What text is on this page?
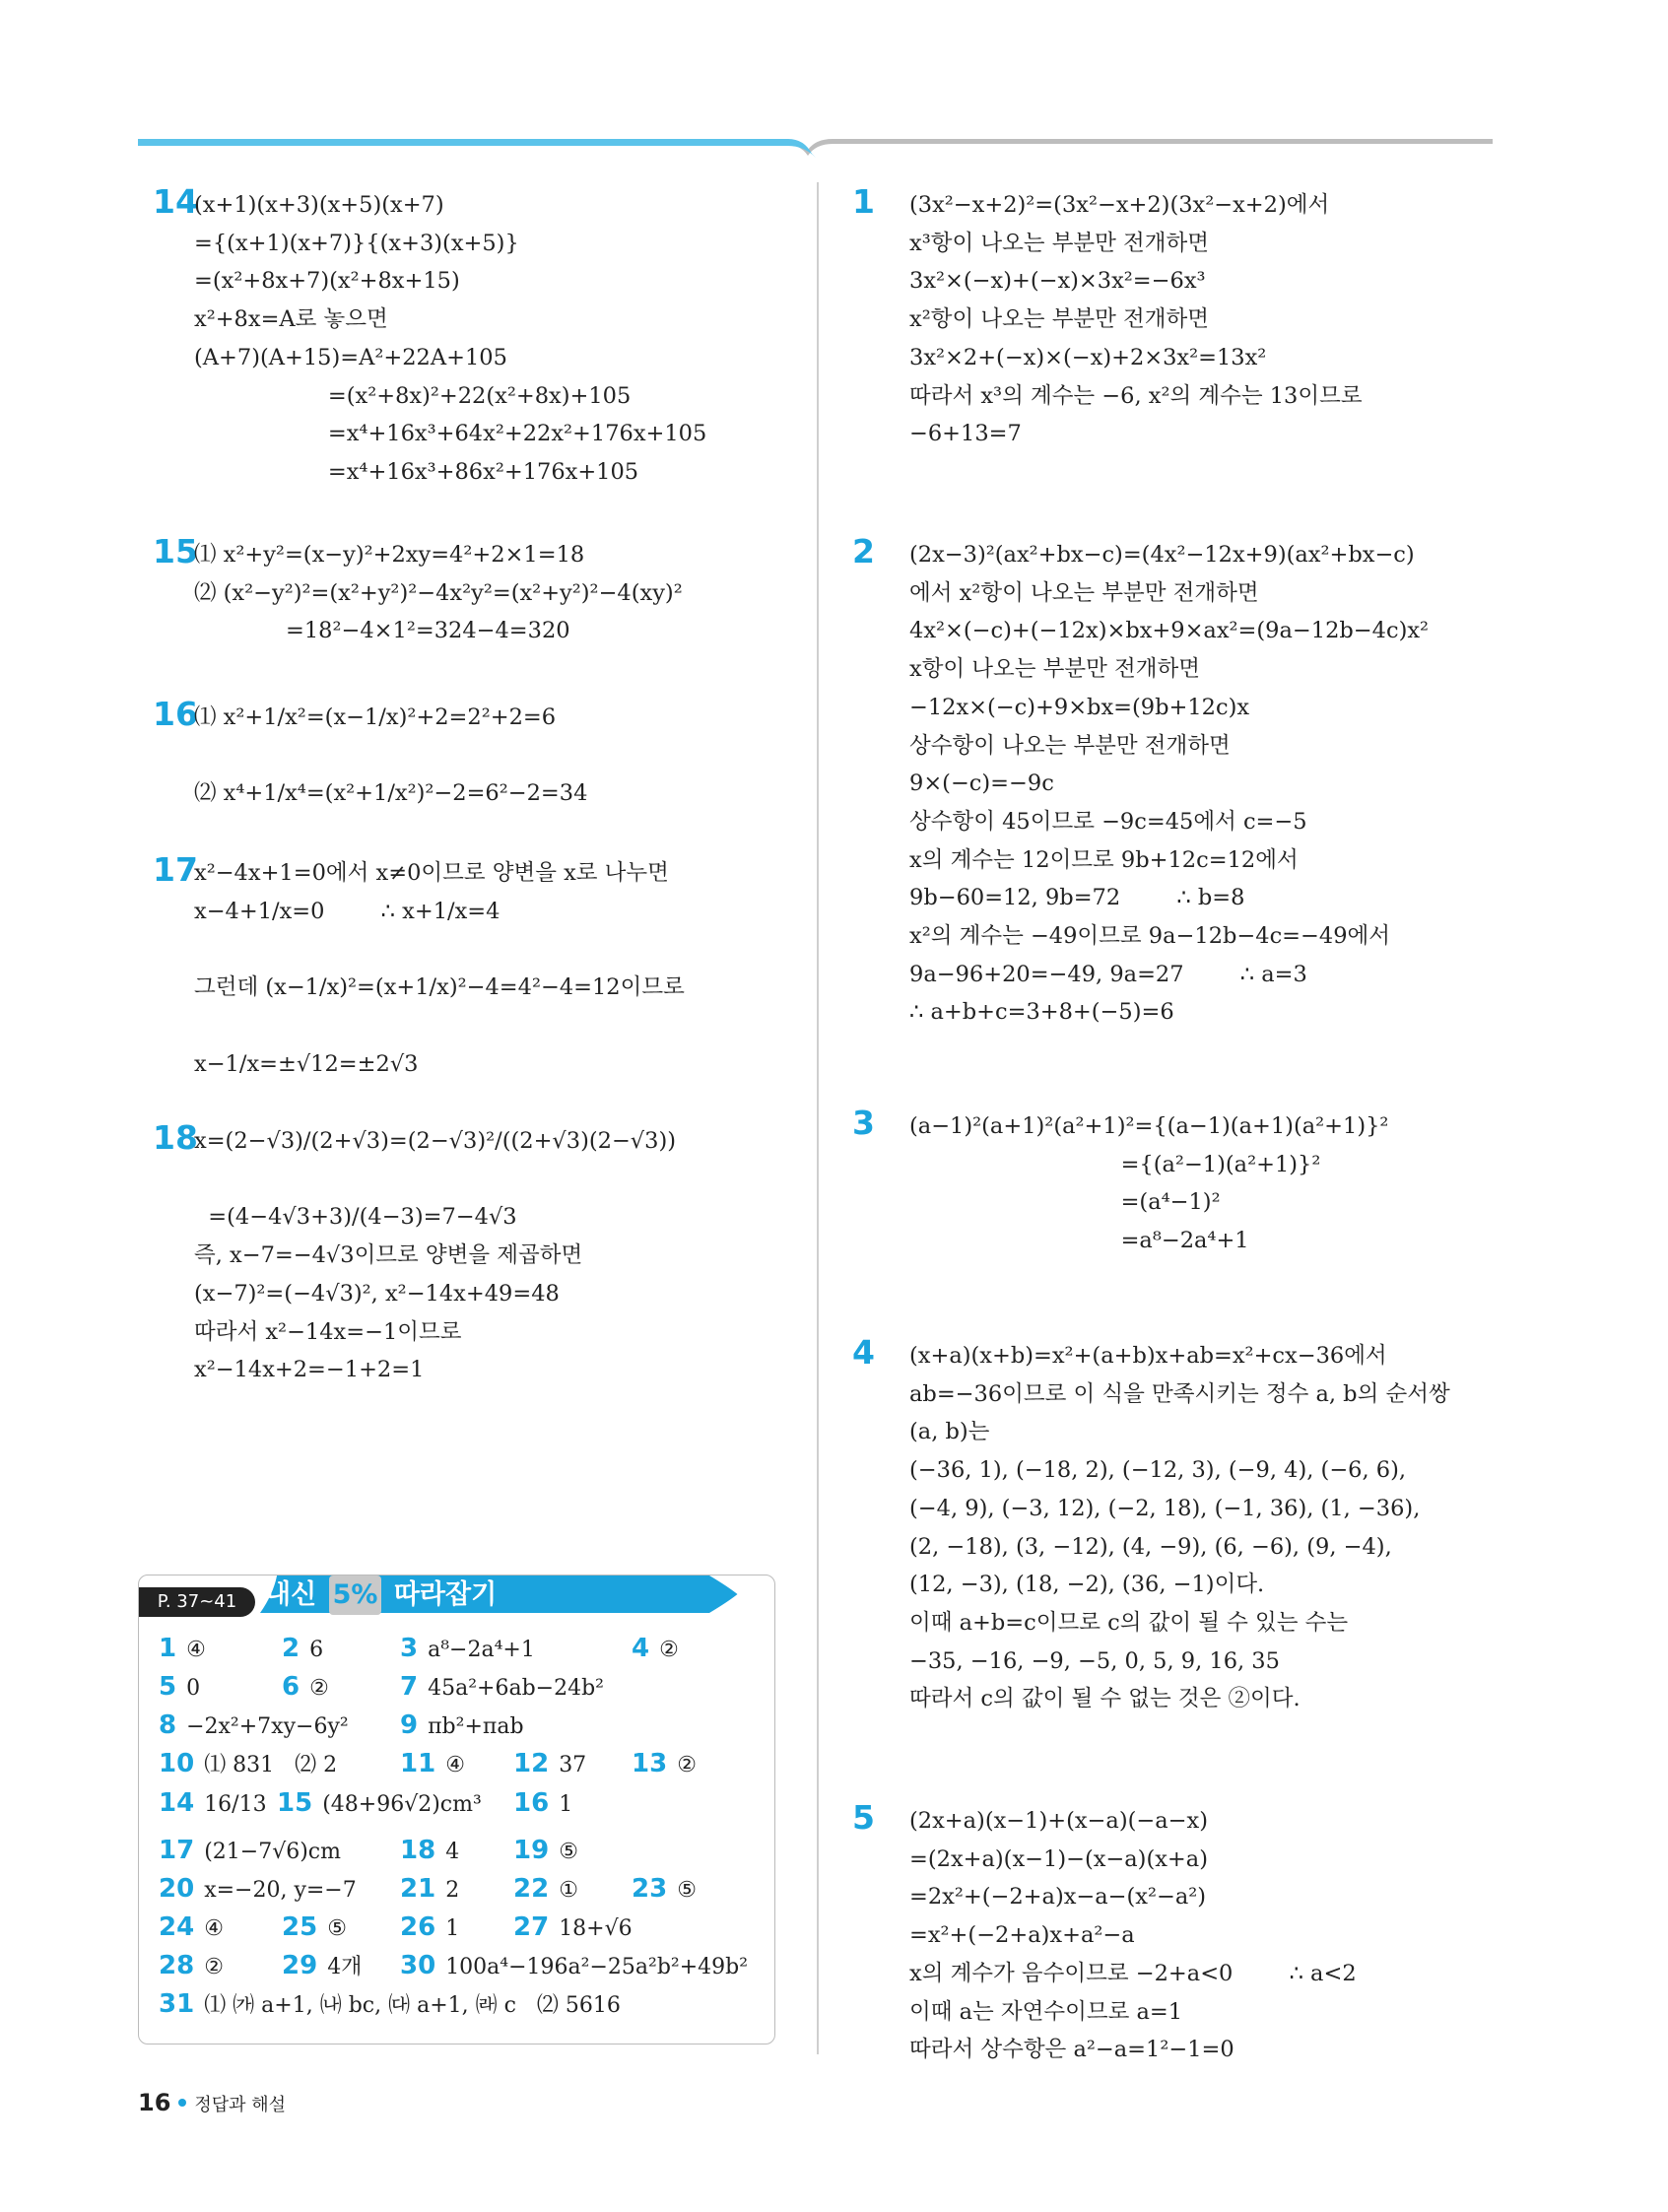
14
(x+1)(x+3)(x+5)(x+7)
={(x+1)(x+7)}{(x+3)(x+5)}
=(x²+8x+7)(x²+8x+15)
x²+8x=A로 놓으면
(A+7)(A+15)=A²+22A+105
=(x²+8x)²+22(x²+8x)+105
=x⁴+16x³+64x²+22x²+176x+105
=x⁴+16x³+86x²+176x+105
15
⑴ x²+y²=(x−y)²+2xy=4²+2×1=18
⑵ (x²−y²)²=(x²+y²)²−4x²y²=(x²+y²)²−4(xy)²
=18²−4×1²=324−4=320
16
⑴ x²+1/x²=(x−1/x)²+2=2²+2=6

⑵ x⁴+1/x⁴=(x²+1/x²)²−2=6²−2=34
17
x²−4x+1=0에서 x≠0이므로 양변을 x로 나누면
x−4+1/x=0        ∴ x+1/x=4

그런데 (x−1/x)²=(x+1/x)²−4=4²−4=12이므로

x−1/x=±√12=±2√3
18
x=(2−√3)/(2+√3)=(2−√3)²/((2+√3)(2−√3))

=(4−4√3+3)/(4−3)=7−4√3
즉, x−7=−4√3이므로 양변을 제곱하면
(x−7)²=(−4√3)², x²−14x+49=48
따라서 x²−14x=−1이므로
x²−14x+2=−1+2=1
1 (3x²−x+2)²=(3x²−x+2)(3x²−x+2)에서
x³항이 나오는 부분만 전개하면
3x²×(−x)+(−x)×3x²=−6x³
x²항이 나오는 부분만 전개하면
3x²×2+(−x)×(−x)+2×3x²=13x²
따라서 x³의 계수는 −6, x²의 계수는 13이므로
−6+13=7
2 (2x−3)²(ax²+bx−c)=(4x²−12x+9)(ax²+bx−c)
에서 x²항이 나오는 부분만 전개하면
4x²×(−c)+(−12x)×bx+9×ax²=(9a−12b−4c)x²
x항이 나오는 부분만 전개하면
−12x×(−c)+9×bx=(9b+12c)x
상수항이 나오는 부분만 전개하면
9×(−c)=−9c
상수항이 45이므로 −9c=45에서 c=−5
x의 계수는 12이므로 9b+12c=12에서
9b−60=12, 9b=72        ∴ b=8
x²의 계수는 −49이므로 9a−12b−4c=−49에서
9a−96+20=−49, 9a=27        ∴ a=3
∴ a+b+c=3+8+(−5)=6
3 (a−1)²(a+1)²(a²+1)²={(a−1)(a+1)(a²+1)}²
={(a²−1)(a²+1)}²
=(a⁴−1)²
=a⁸−2a⁴+1
4 (x+a)(x+b)=x²+(a+b)x+ab=x²+cx−36에서
ab=−36이므로 이 식을 만족시키는 정수 a, b의 순서쌍
(a, b)는
(−36, 1), (−18, 2), (−12, 3), (−9, 4), (−6, 6),
(−4, 9), (−3, 12), (−2, 18), (−1, 36), (1, −36),
(2, −18), (3, −12), (4, −9), (6, −6), (9, −4),
(12, −3), (18, −2), (36, −1)이다.
이때 a+b=c이므로 c의 값이 될 수 있는 수는
−35, −16, −9, −5, 0, 5, 9, 16, 35
따라서 c의 값이 될 수 없는 것은 ②이다.
5 (2x+a)(x−1)+(x−a)(−a−x)
=(2x+a)(x−1)−(x−a)(x+a)
=2x²+(−2+a)x−a−(x²−a²)
=x²+(−2+a)x+a²−a
x의 계수가 음수이므로 −2+a<0        ∴ a<2
이때 a는 자연수이므로 a=1
따라서 상수항은 a²−a=1²−1=0
P. 37~41	내신 5% 따라잡기
1 ④	2 6	3 a⁸−2a⁴+1	4 ②
5 0	6 ②	7 45a²+6ab−24b²
8 −2x²+7xy−6y² 9 πb²+πab
10 ⑴ 831   ⑵ 2 11 ④ 12 37 13 ②
14 16/13 15 (48+96√2)cm³ 16 1
17 (21−7√6)cm 18 4 19 ⑤
20 x=−20, y=−7 21 2 22 ① 23 ⑤
24 ④ 25 ⑤ 26 1 27 18+√6
28 ② 29 4개 30 100a⁴−196a²−25a²b²+49b²
31 ⑴ ㈎ a+1, ㈏ bc, ㈐ a+1, ㈑ c   ⑵ 5616
16 정답과 해설
